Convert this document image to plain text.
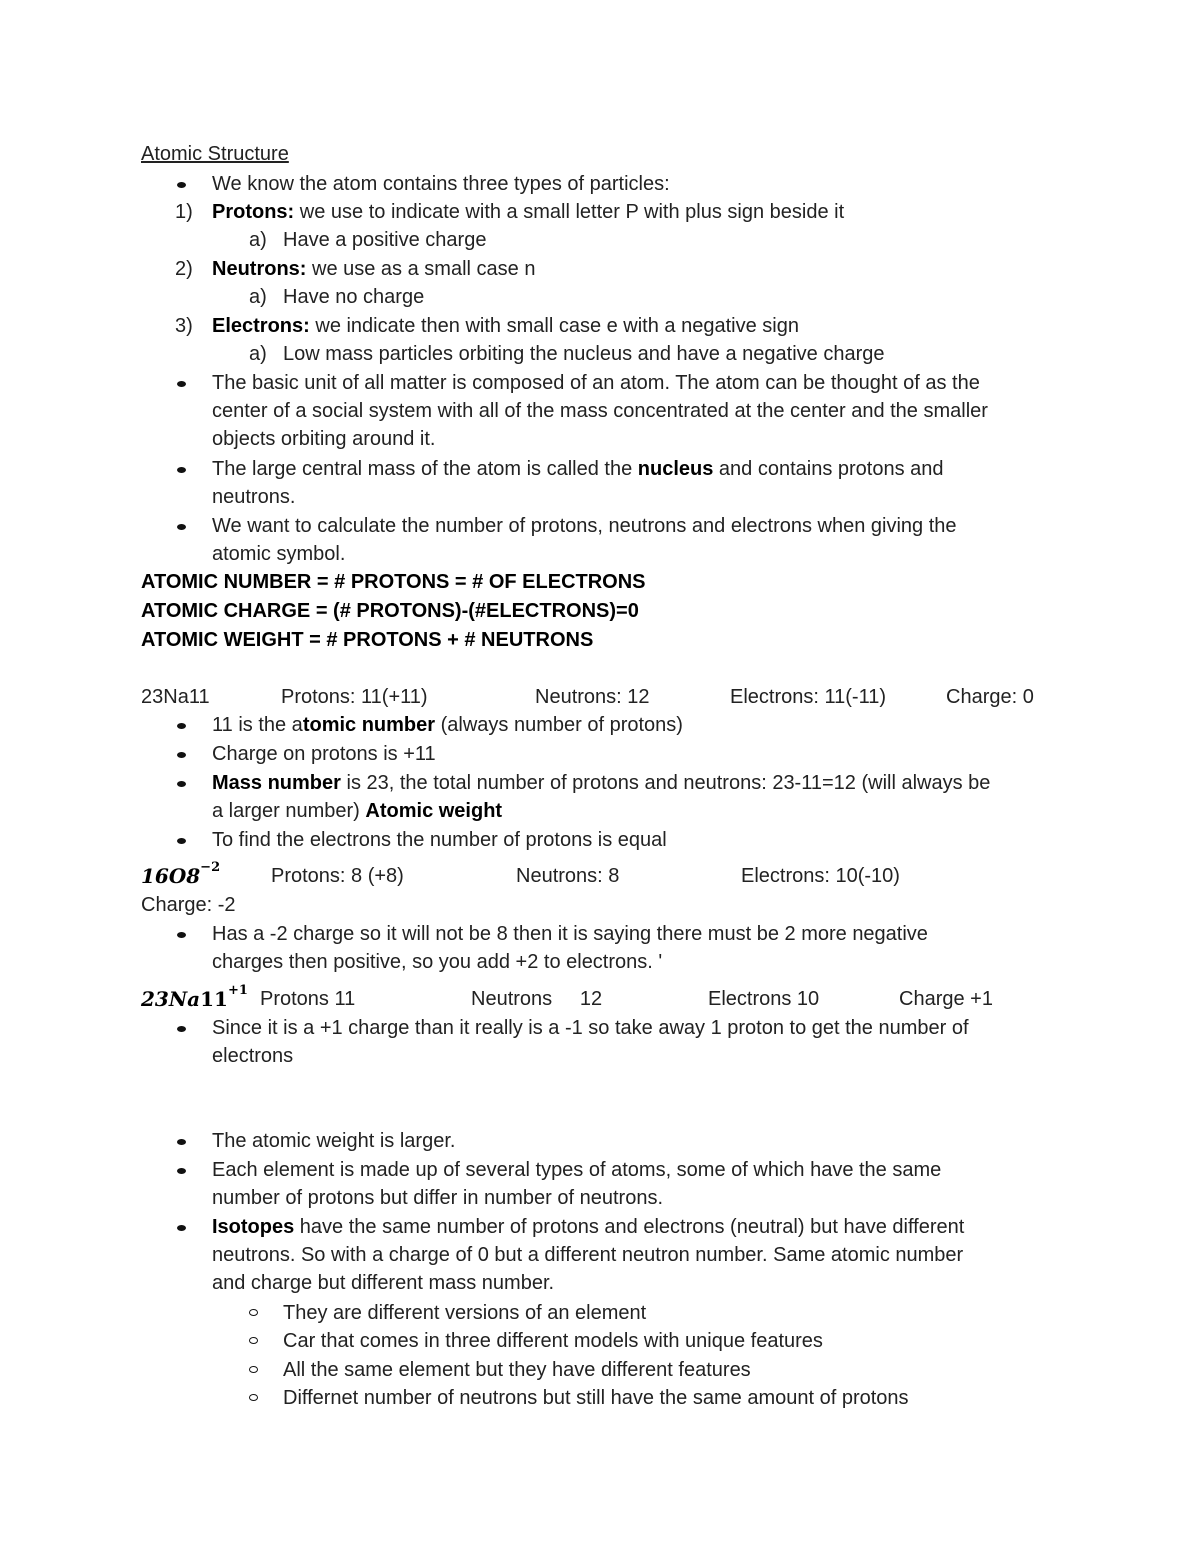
Atomic Structure
We know the atom contains three types of particles:
1) Protons: we use to indicate with a small letter P with plus sign beside it
a) Have a positive charge
2) Neutrons: we use as a small case n
a) Have no charge
3) Electrons: we indicate then with small case e with a negative sign
a) Low mass particles orbiting the nucleus and have a negative charge
The basic unit of all matter is composed of an atom. The atom can be thought of as the
center of a social system with all of the mass concentrated at the center and the smaller
objects orbiting around it.
The large central mass of the atom is called the nucleus and contains protons and
neutrons.
We want to calculate the number of protons, neutrons and electrons when giving the
atomic symbol.
ATOMIC NUMBER = # PROTONS = # OF ELECTRONS
ATOMIC CHARGE = (# PROTONS)-(#ELECTRONS)=0
ATOMIC WEIGHT = # PROTONS + # NEUTRONS
23Na11	Protons: 11(+11)	Neutrons: 12	Electrons: 11(-11)	Charge: 0
11 is the atomic number (always number of protons)
Charge on protons is +11
Mass number is 23, the total number of protons and neutrons: 23-11=12 (will always be
a larger number) Atomic weight
To find the electrons the number of protons is equal
$16O8^{-2}$	Protons: 8 (+8)	Neutrons: 8	Electrons: 10(-10)
Charge: -2
Has a -2 charge so it will not be 8 then it is saying there must be 2 more negative
charges then positive, so you add +2 to electrons. '
$23Na11^{+1}$ Protons 11	Neutrons     12	Electrons 10	Charge +1
Since it is a +1 charge than it really is a -1 so take away 1 proton to get the number of
electrons
The atomic weight is larger.
Each element is made up of several types of atoms, some of which have the same
number of protons but differ in number of neutrons.
Isotopes have the same number of protons and electrons (neutral) but have different
neutrons. So with a charge of 0 but a different neutron number. Same atomic number
and charge but different mass number.
They are different versions of an element
Car that comes in three different models with unique features
All the same element but they have different features
Differnet number of neutrons but still have the same amount of protons
